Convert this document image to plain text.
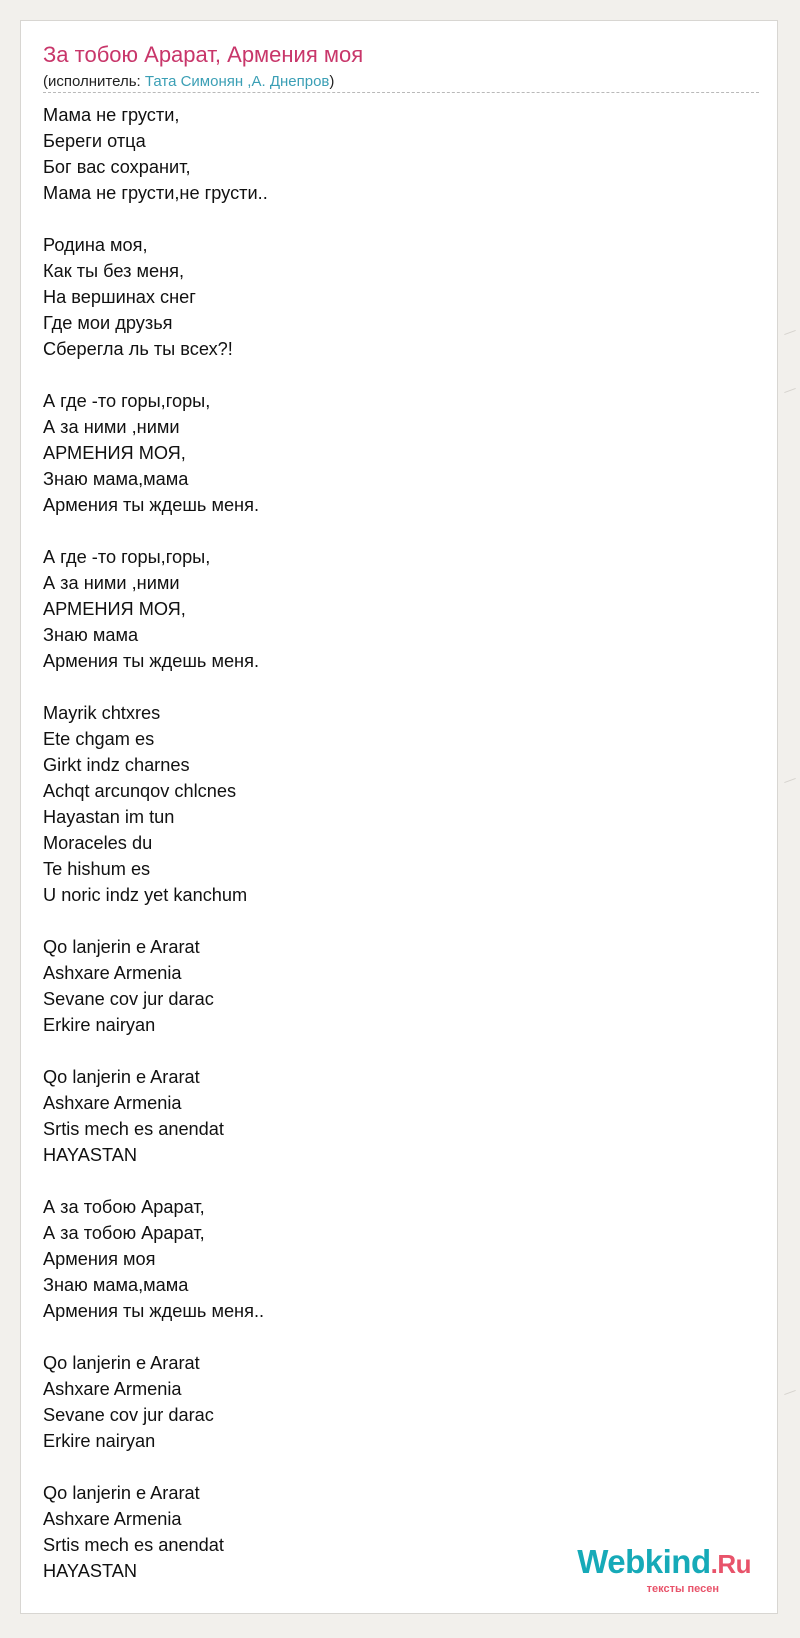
За тобою Арарат, Армения моя
(исполнитель: Тата Симонян ,А. Днепров)
Мама не грусти,
Береги отца
Бог вас сохранит,
Мама не грусти,не грусти..
Родина моя,
Как ты без меня,
На вершинах снег
Где мои друзья
Сберегла ль ты всех?!
А где -то горы,горы,
А за ними ,ними
АРМЕНИЯ МОЯ,
Знаю мама,мама
Армения ты ждешь меня.
А где -то горы,горы,
А за ними ,ними
АРМЕНИЯ МОЯ,
Знаю мама
Армения ты ждешь меня.
Mayrik chtxres
Ete chgam es
Girkt indz charnes
Achqt arcunqov chlcnes
Hayastan im tun
Moraceles du
Te hishum es
U noric indz yet kanchum
Qo lanjerin e Ararat
Ashxare Armenia
Sevane cov jur darac
Erkire nairyan
Qo lanjerin e Ararat
Ashxare Armenia
Srtis mech es anendat
HAYASTAN
А за тобою Арарат,
А за тобою Арарат,
Армения моя
Знаю мама,мама
Армения ты ждешь меня..
Qo lanjerin e Ararat
Ashxare Armenia
Sevane cov jur darac
Erkire nairyan
Qo lanjerin e Ararat
Ashxare Armenia
Srtis mech es anendat
HAYASTAN	Webkind.Ru
тексты песен
